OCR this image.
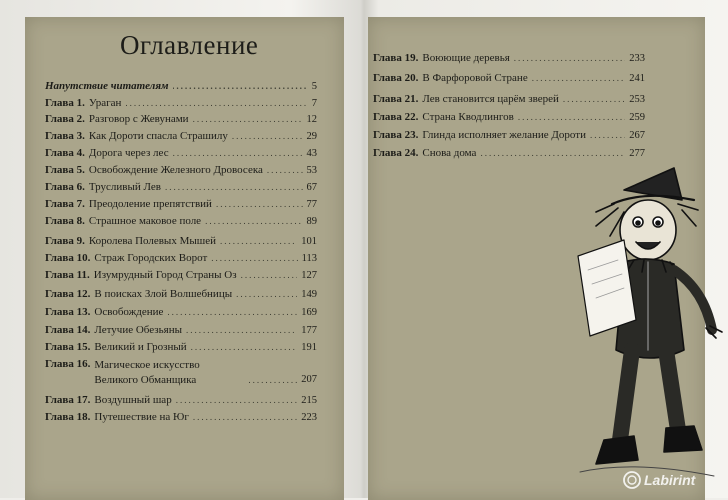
Оглавление
Напутствие читателям .....	5
Глава 1. Ураган .....	7
Глава 2. Разговор с Жевунами .....	12
Глава 3. Как Дороти спасла Страшилу .....	29
Глава 4. Дорога через лес .....	43
Глава 5. Освобождение Железного Дровосека .....	53
Глава 6. Трусливый Лев .....	67
Глава 7. Преодоление препятствий .....	77
Глава 8. Страшное маковое поле .....	89
Глава 9. Королева Полевых Мышей .....	101
Глава 10. Страж Городских Ворот .....	113
Глава 11. Изумрудный Город Страны Оз .....	127
Глава 12. В поисках Злой Волшебницы .....	149
Глава 13. Освобождение .....	169
Глава 14. Летучие Обезьяны .....	177
Глава 15. Великий и Грозный .....	191
Глава 16. Магическое искусство Великого Обманщика .....	207
Глава 17. Воздушный шар .....	215
Глава 18. Путешествие на Юг .....	223
Глава 19. Воюющие деревья .....	233
Глава 20. В Фарфоровой Стране .....	241
Глава 21. Лев становится царём зверей .....	253
Глава 22. Страна Кводлингов .....	259
Глава 23. Глинда исполняет желание Дороти .....	267
Глава 24. Снова дома .....	277
Labirint
